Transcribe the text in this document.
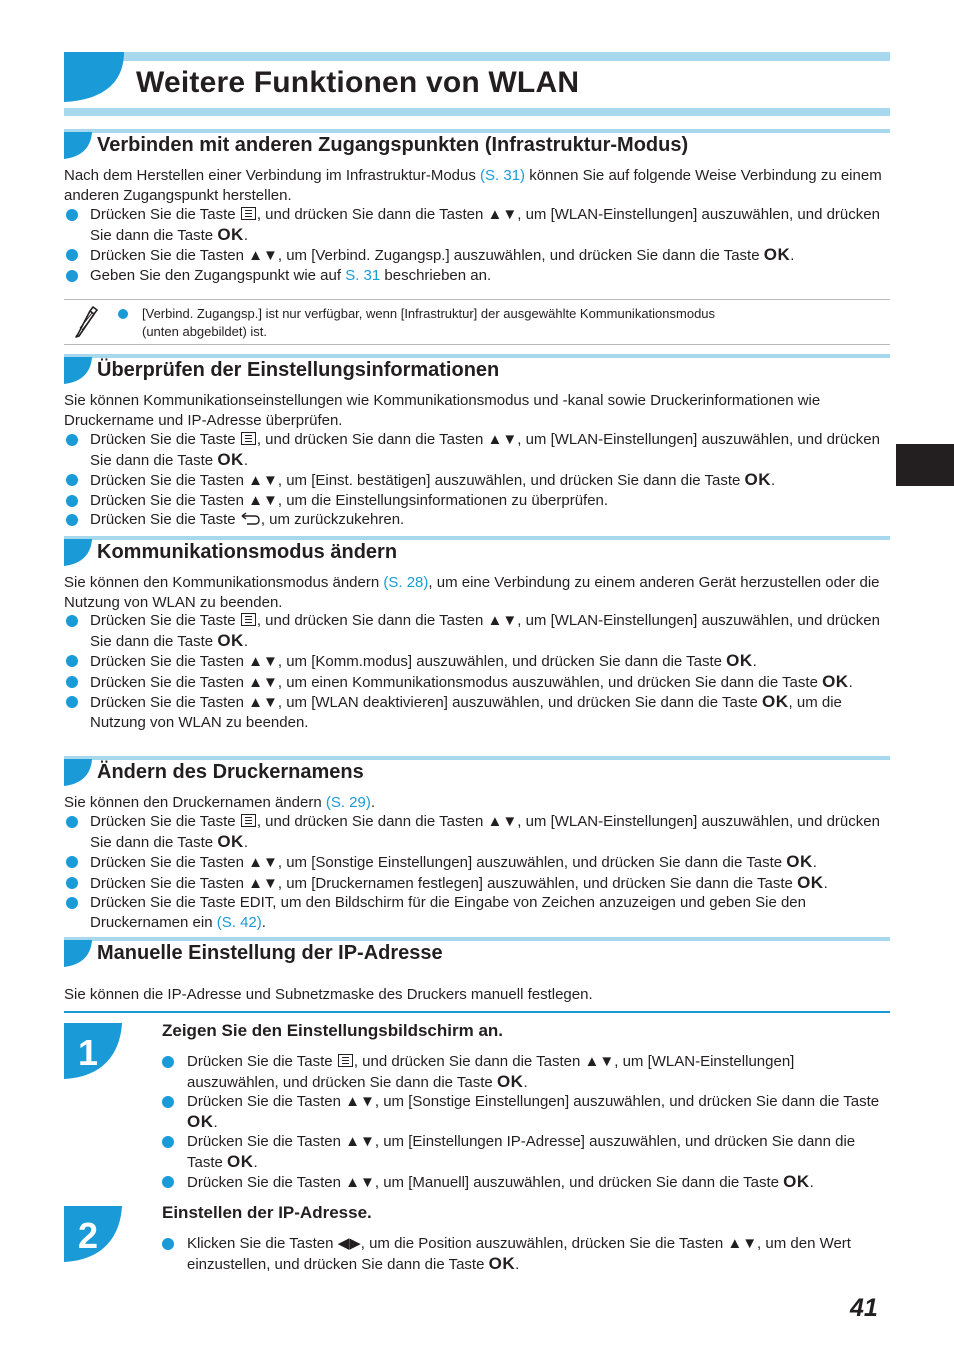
Weitere Funktionen von WLAN
Verbinden mit anderen Zugangspunkten (Infrastruktur-Modus)

Nach dem Herstellen einer Verbindung im Infrastruktur-Modus (S. 31) können Sie auf folgende Weise Verbindung zu einem anderen Zugangspunkt herstellen.

Drücken Sie die Taste , und drücken Sie dann die Tasten ▲▼, um [WLAN-Einstellungen] auszuwählen, und drücken Sie dann die Taste OK.
Drücken Sie die Tasten ▲▼, um [Verbind. Zugangsp.] auszuwählen, und drücken Sie dann die Taste OK.
Geben Sie den Zugangspunkt wie auf S. 31 beschrieben an.

[Verbind. Zugangsp.] ist nur verfügbar, wenn [Infrastruktur] der ausgewählte Kommunikationsmodus
(unten abgebildet) ist.

Überprüfen der Einstellungsinformationen

Sie können Kommunikationseinstellungen wie Kommunikationsmodus und -kanal sowie Druckerinformationen wie Druckername und IP-Adresse überprüfen.

Drücken Sie die Taste , und drücken Sie dann die Tasten ▲▼, um [WLAN-Einstellungen] auszuwählen, und drücken Sie dann die Taste OK.
Drücken Sie die Tasten ▲▼, um [Einst. bestätigen] auszuwählen, und drücken Sie dann die Taste OK.
Drücken Sie die Tasten ▲▼, um die Einstellungsinformationen zu überprüfen.
Drücken Sie die Taste , um zurückzukehren.
Kommunikationsmodus ändern

Sie können den Kommunikationsmodus ändern (S. 28), um eine Verbindung zu einem anderen Gerät herzustellen oder die Nutzung von WLAN zu beenden.

Drücken Sie die Taste , und drücken Sie dann die Tasten ▲▼, um [WLAN-Einstellungen] auszuwählen, und drücken Sie dann die Taste OK.
Drücken Sie die Tasten ▲▼, um [Komm.modus] auszuwählen, und drücken Sie dann die Taste OK.
Drücken Sie die Tasten ▲▼, um einen Kommunikationsmodus auszuwählen, und drücken Sie dann die Taste OK.
Drücken Sie die Tasten ▲▼, um [WLAN deaktivieren] auszuwählen, und drücken Sie dann die Taste OK, um die Nutzung von WLAN zu beenden.
Ändern des Druckernamens

Sie können den Druckernamen ändern (S. 29).

Drücken Sie die Taste , und drücken Sie dann die Tasten ▲▼, um [WLAN-Einstellungen] auszuwählen, und drücken Sie dann die Taste OK.
Drücken Sie die Tasten ▲▼, um [Sonstige Einstellungen] auszuwählen, und drücken Sie dann die Taste OK.
Drücken Sie die Tasten ▲▼, um [Druckernamen festlegen] auszuwählen, und drücken Sie dann die Taste OK.
Drücken Sie die Taste EDIT, um den Bildschirm für die Eingabe von Zeichen anzuzeigen und geben Sie den Druckernamen ein (S. 42).
Manuelle Einstellung der IP-Adresse

Sie können die IP-Adresse und Subnetzmaske des Druckers manuell festlegen.

1
Zeigen Sie den Einstellungsbildschirm an.
Drücken Sie die Taste , und drücken Sie dann die Tasten ▲▼, um [WLAN-Einstellungen] auszuwählen, und drücken Sie dann die Taste OK.
Drücken Sie die Tasten ▲▼, um [Sonstige Einstellungen] auszuwählen, und drücken Sie dann die Taste OK.
Drücken Sie die Tasten ▲▼, um [Einstellungen IP-Adresse] auszuwählen, und drücken Sie dann die Taste OK.
Drücken Sie die Tasten ▲▼, um [Manuell] auszuwählen, und drücken Sie dann die Taste OK.
2
Einstellen der IP-Adresse.
Klicken Sie die Tasten ◀▶, um die Position auszuwählen, drücken Sie die Tasten ▲▼, um den Wert einzustellen, und drücken Sie dann die Taste OK.
41
